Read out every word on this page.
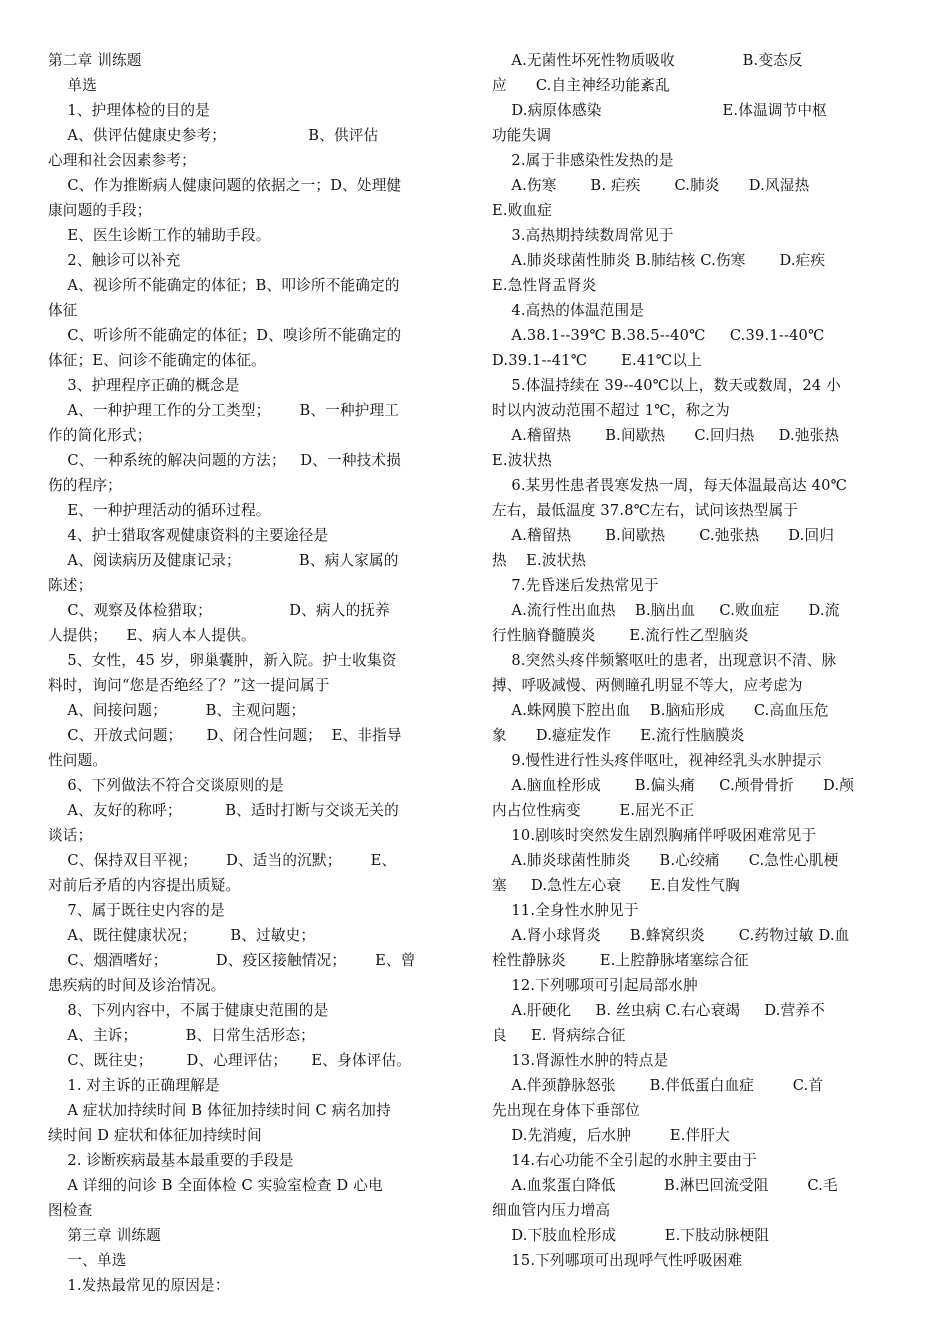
第二章 训练题
单选
1、护理体检的目的是
A、供评估健康史参考；                 B、供评估
心理和社会因素参考；
C、作为推断病人健康问题的依据之一；D、处理健
康问题的手段；
E、医生诊断工作的辅助手段。
2、触诊可以补充
A、视诊所不能确定的体征；B、叩诊所不能确定的
体征
C、听诊所不能确定的体征；D、嗅诊所不能确定的
体征；E、问诊不能确定的体征。
3、护理程序正确的概念是
A、一种护理工作的分工类型；      B、一种护理工
作的简化形式；
C、一种系统的解决问题的方法；   D、一种技术损
伤的程序；
E、一种护理活动的循环过程。
4、护士猎取客观健康资料的主要途径是
A、阅读病历及健康记录；            B、病人家属的
陈述；
C、观察及体检猎取；                D、病人的抚养
人提供；    E、病人本人提供。
5、女性，45 岁，卵巢囊肿，新入院。护士收集资
料时，询问“您是否绝经了？”这一提问属于
A、间接问题；        B、主观问题；
C、开放式问题；     D、闭合性问题；  E、非指导
性问题。
6、下列做法不符合交谈原则的是
A、友好的称呼；         B、适时打断与交谈无关的
谈话；
C、保持双目平视；      D、适当的沉默；      E、
对前后矛盾的内容提出质疑。
7、属于既往史内容的是
A、既往健康状况；       B、过敏史；
C、烟酒嗜好；          D、疫区接触情况；      E、曾
患疾病的时间及诊治情况。
8、下列内容中，不属于健康史范围的是
A、主诉；          B、日常生活形态；
C、既往史；       D、心理评估；     E、身体评估。
1. 对主诉的正确理解是
A 症状加持续时间 B 体征加持续时间 C 病名加持
续时间 D 症状和体征加持续时间
2. 诊断疾病最基本最重要的手段是
A 详细的问诊 B 全面体检 C 实验室检查 D 心电
图检查
第三章 训练题
一、单选
1.发热最常见的原因是：
A.无菌性坏死性物质吸收              B.变态反
应      C.自主神经功能紊乱
D.病原体感染                         E.体温调节中枢
功能失调
2.属于非感染性发热的是
A.伤寒       B. 疟疾       C.肺炎      D.风湿热
E.败血症
3.高热期持续数周常见于
A.肺炎球菌性肺炎 B.肺结核 C.伤寒       D.疟疾
E.急性肾盂肾炎
4.高热的体温范围是
A.38.1--39℃ B.38.5--40℃     C.39.1--40℃
D.39.1--41℃       E.41℃以上
5.体温持续在 39--40℃以上，数天或数周，24 小
时以内波动范围不超过 1℃，称之为
A.稽留热       B.间歇热      C.回归热     D.弛张热
E.波状热
6.某男性患者畏寒发热一周，每天体温最高达 40℃
左右，最低温度 37.8℃左右，试问该热型属于
A.稽留热       B.间歇热       C.弛张热      D.回归
热    E.波状热
7.先昏迷后发热常见于
A.流行性出血热    B.脑出血     C.败血症      D.流
行性脑脊髓膜炎       E.流行性乙型脑炎
8.突然头疼伴频繁呕吐的患者，出现意识不清、脉
搏、呼吸减慢、两侧瞳孔明显不等大，应考虑为
A.蛛网膜下腔出血    B.脑疝形成      C.高血压危
象      D.癔症发作      E.流行性脑膜炎
9.慢性进行性头疼伴呕吐，视神经乳头水肿提示
A.脑血栓形成       B.偏头痛     C.颅骨骨折      D.颅
内占位性病变        E.屈光不正
10.剧咳时突然发生剧烈胸痛伴呼吸困难常见于
A.肺炎球菌性肺炎      B.心绞痛      C.急性心肌梗
塞     D.急性左心衰      E.自发性气胸
11.全身性水肿见于
A.肾小球肾炎      B.蜂窝织炎       C.药物过敏 D.血
栓性静脉炎       E.上腔静脉堵塞综合征
12.下列哪项可引起局部水肿
A.肝硬化     B. 丝虫病 C.右心衰竭     D.营养不
良     E. 肾病综合征
13.肾源性水肿的特点是
A.伴颈静脉怒张       B.伴低蛋白血症        C.首
先出现在身体下垂部位
D.先消瘦，后水肿        E.伴肝大
14.右心功能不全引起的水肿主要由于
A.血浆蛋白降低          B.淋巴回流受阻        C.毛
细血管内压力增高
D.下肢血栓形成          E.下肢动脉梗阻
15.下列哪项可出现呼气性呼吸困难
